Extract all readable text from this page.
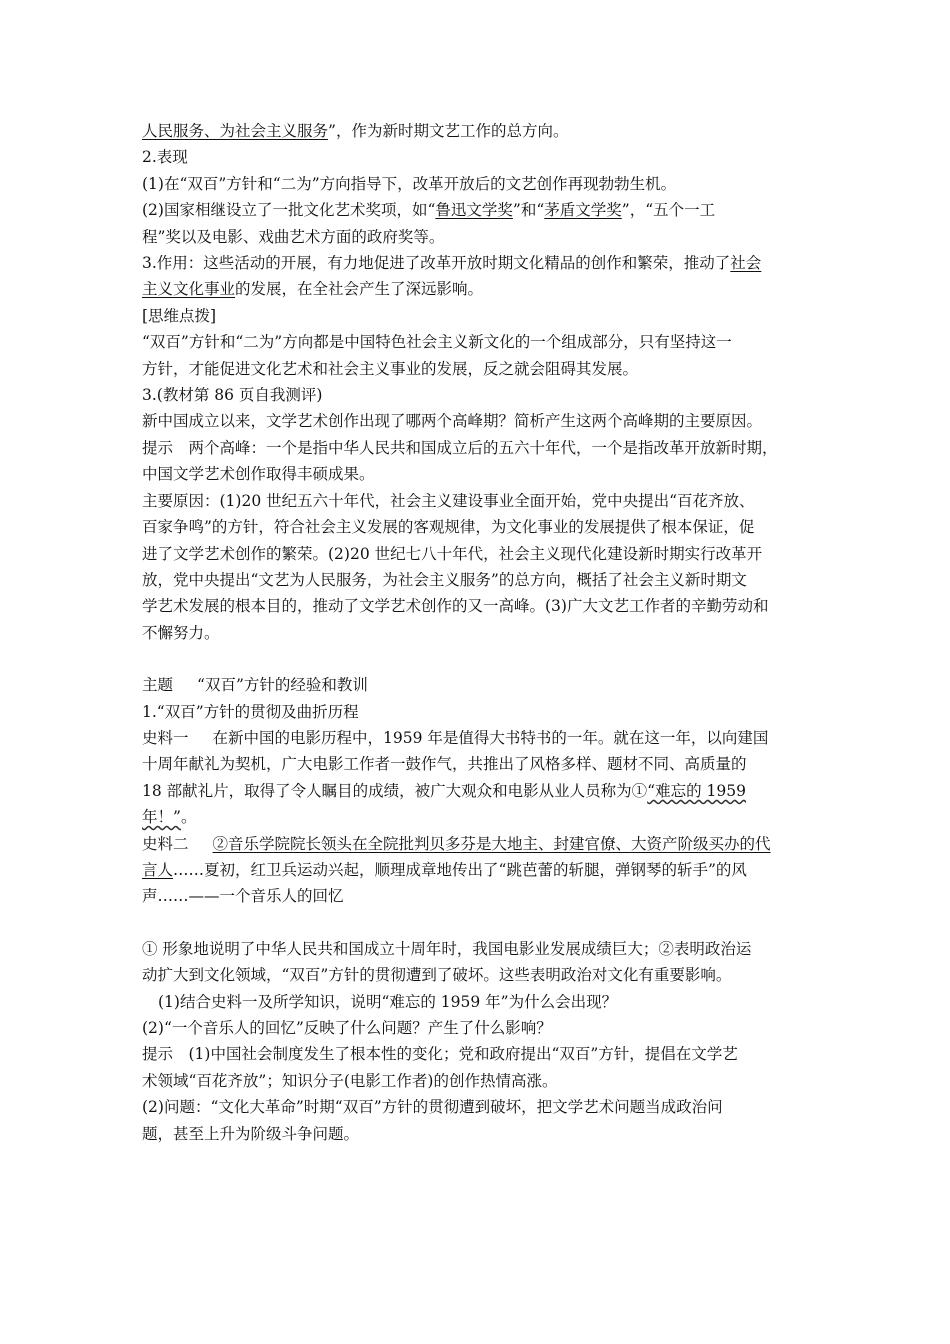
人民服务、为社会主义服务”，作为新时期文艺工作的总方向。

2.表现

(1)在“双百”方针和“二为”方向指导下，改革开放后的文艺创作再现勃勃生机。

(2)国家相继设立了一批文化艺术奖项，如“鲁迅文学奖”和“茅盾文学奖”，“五个一工

程”奖以及电影、戏曲艺术方面的政府奖等。

3.作用：这些活动的开展，有力地促进了改革开放时期文化精品的创作和繁荣，推动了社会

主义文化事业的发展，在全社会产生了深远影响。

[思维点拨]

“双百”方针和“二为”方向都是中国特色社会主义新文化的一个组成部分，只有坚持这一

方针，才能促进文化艺术和社会主义事业的发展，反之就会阻碍其发展。

3.(教材第 86 页自我测评)

新中国成立以来，文学艺术创作出现了哪两个高峰期？简析产生这两个高峰期的主要原因。

提示　两个高峰：一个是指中华人民共和国成立后的五六十年代，一个是指改革开放新时期，

中国文学艺术创作取得丰硕成果。

主要原因：(1)20 世纪五六十年代，社会主义建设事业全面开始，党中央提出“百花齐放、

百家争鸣”的方针，符合社会主义发展的客观规律，为文化事业的发展提供了根本保证，促

进了文学艺术创作的繁荣。(2)20 世纪七八十年代，社会主义现代化建设新时期实行改革开

放，党中央提出“文艺为人民服务，为社会主义服务”的总方向，概括了社会主义新时期文

学艺术发展的根本目的，推动了文学艺术创作的又一高峰。(3)广大文艺工作者的辛勤劳动和

不懈努力。

主题 “双百”方针的经验和教训

1.“双百”方针的贯彻及曲折历程

史料一 在新中国的电影历程中，1959 年是值得大书特书的一年。就在这一年，以向建国

十周年献礼为契机，广大电影工作者一鼓作气，共推出了风格多样、题材不同、高质量的

18 部献礼片，取得了令人瞩目的成绩，被广大观众和电影从业人员称为①“难忘的 1959

年！”。

史料二 ②音乐学院院长领头在全院批判贝多芬是大地主、封建官僚、大资产阶级买办的代

言人……夏初，红卫兵运动兴起，顺理成章地传出了“跳芭蕾的斩腿，弹钢琴的斩手”的风

声……——一个音乐人的回忆

① 形象地说明了中华人民共和国成立十周年时，我国电影业发展成绩巨大；②表明政治运

动扩大到文化领域，“双百”方针的贯彻遭到了破坏。这些表明政治对文化有重要影响。

(1)结合史料一及所学知识，说明“难忘的 1959 年”为什么会出现？

(2)“一个音乐人的回忆”反映了什么问题？产生了什么影响？

提示　(1)中国社会制度发生了根本性的变化；党和政府提出“双百”方针，提倡在文学艺

术领域“百花齐放”；知识分子(电影工作者)的创作热情高涨。

(2)问题：“文化大革命”时期“双百”方针的贯彻遭到破坏，把文学艺术问题当成政治问

题，甚至上升为阶级斗争问题。
